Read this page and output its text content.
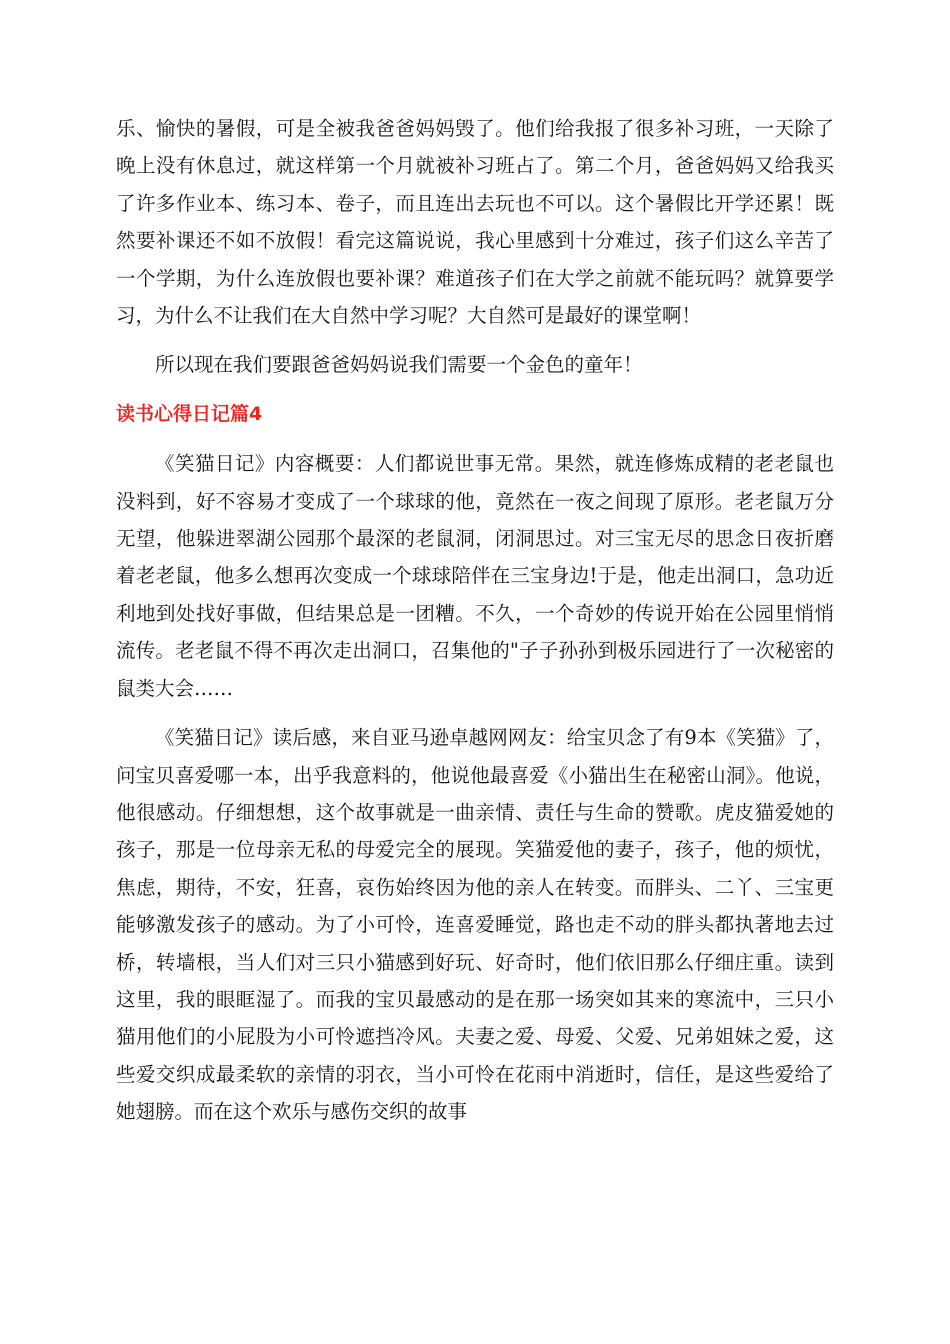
乐、愉快的暑假，可是全被我爸爸妈妈毁了。他们给我报了很多补习班，一天除了晚上没有休息过，就这样第一个月就被补习班占了。第二个月，爸爸妈妈又给我买了许多作业本、练习本、卷子，而且连出去玩也不可以。这个暑假比开学还累！既然要补课还不如不放假！看完这篇说说，我心里感到十分难过，孩子们这么辛苦了一个学期，为什么连放假也要补课？难道孩子们在大学之前就不能玩吗？就算要学习，为什么不让我们在大自然中学习呢？大自然可是最好的课堂啊！

所以现在我们要跟爸爸妈妈说我们需要一个金色的童年！

读书心得日记篇4

《笑猫日记》内容概要：人们都说世事无常。果然，就连修炼成精的老老鼠也没料到，好不容易才变成了一个球球的他，竟然在一夜之间现了原形。老老鼠万分无望，他躲进翠湖公园那个最深的老鼠洞，闭洞思过。对三宝无尽的思念日夜折磨着老老鼠，他多么想再次变成一个球球陪伴在三宝身边!于是，他走出洞口，急功近利地到处找好事做，但结果总是一团糟。不久，一个奇妙的传说开始在公园里悄悄流传。老老鼠不得不再次走出洞口，召集他的"子子孙孙到极乐园进行了一次秘密的鼠类大会……

《笑猫日记》读后感，来自亚马逊卓越网网友：给宝贝念了有9本《笑猫》了，问宝贝喜爱哪一本，出乎我意料的，他说他最喜爱《小猫出生在秘密山洞》。他说，他很感动。仔细想想，这个故事就是一曲亲情、责任与生命的赞歌。虎皮猫爱她的孩子，那是一位母亲无私的母爱完全的展现。笑猫爱他的妻子，孩子，他的烦忧，焦虑，期待，不安，狂喜，哀伤始终因为他的亲人在转变。而胖头、二丫、三宝更能够激发孩子的感动。为了小可怜，连喜爱睡觉，路也走不动的胖头都执著地去过桥，转墙根，当人们对三只小猫感到好玩、好奇时，他们依旧那么仔细庄重。读到这里，我的眼眶湿了。而我的宝贝最感动的是在那一场突如其来的寒流中，三只小猫用他们的小屁股为小可怜遮挡冷风。夫妻之爱、母爱、父爱、兄弟姐妹之爱，这些爱交织成最柔软的亲情的羽衣，当小可怜在花雨中消逝时，信任，是这些爱给了她翅膀。而在这个欢乐与感伤交织的故事
